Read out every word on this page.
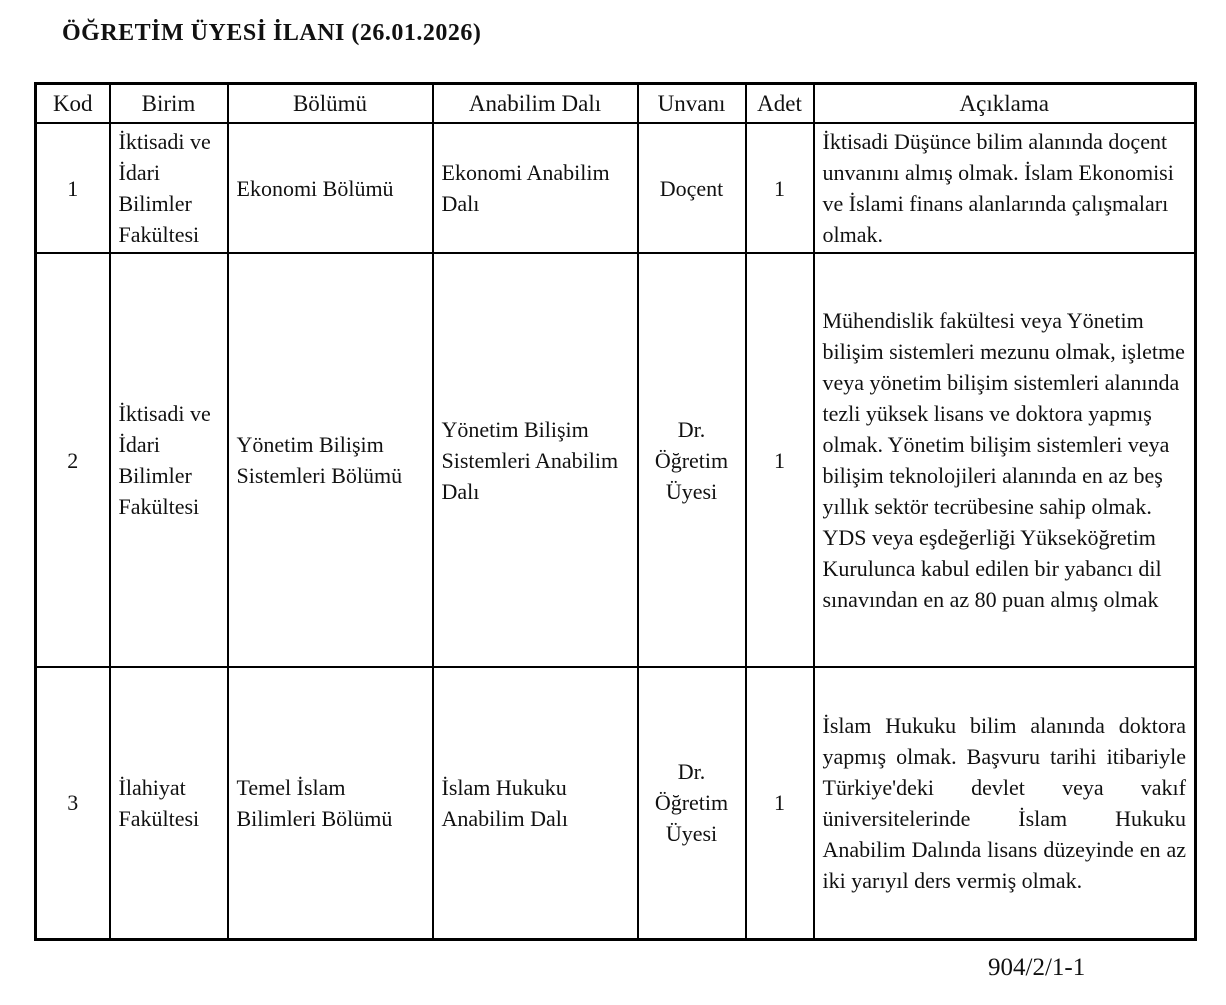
ÖĞRETİM ÜYESİ İLANI (26.01.2026)
Kod	Birim	Bölümü	Anabilim Dalı	Unvanı	Adet	Açıklama
1	İktisadi ve İdari Bilimler Fakültesi	Ekonomi Bölümü	Ekonomi Anabilim Dalı	Doçent	1	İktisadi Düşünce bilim alanında doçent unvanını almış olmak. İslam Ekonomisi ve İslami finans alanlarında çalışmaları olmak.
2	İktisadi ve İdari Bilimler Fakültesi	Yönetim Bilişim Sistemleri Bölümü	Yönetim Bilişim Sistemleri Anabilim Dalı	Dr. Öğretim Üyesi	1	Mühendislik fakültesi veya Yönetim bilişim sistemleri mezunu olmak, işletme veya yönetim bilişim sistemleri alanında tezli yüksek lisans ve doktora yapmış olmak. Yönetim bilişim sistemleri veya bilişim teknolojileri alanında en az beş yıllık sektör tecrübesine sahip olmak. YDS veya eşdeğerliği Yükseköğretim Kurulunca kabul edilen bir yabancı dil sınavından en az 80 puan almış olmak
3	İlahiyat Fakültesi	Temel İslam Bilimleri Bölümü	İslam Hukuku Anabilim Dalı	Dr. Öğretim Üyesi	1	İslam Hukuku bilim alanında doktora yapmış olmak. Başvuru tarihi itibariyle Türkiye'deki devlet veya vakıf üniversitelerinde İslam Hukuku Anabilim Dalında lisans düzeyinde en az iki yarıyıl ders vermiş olmak.
904/2/1-1
